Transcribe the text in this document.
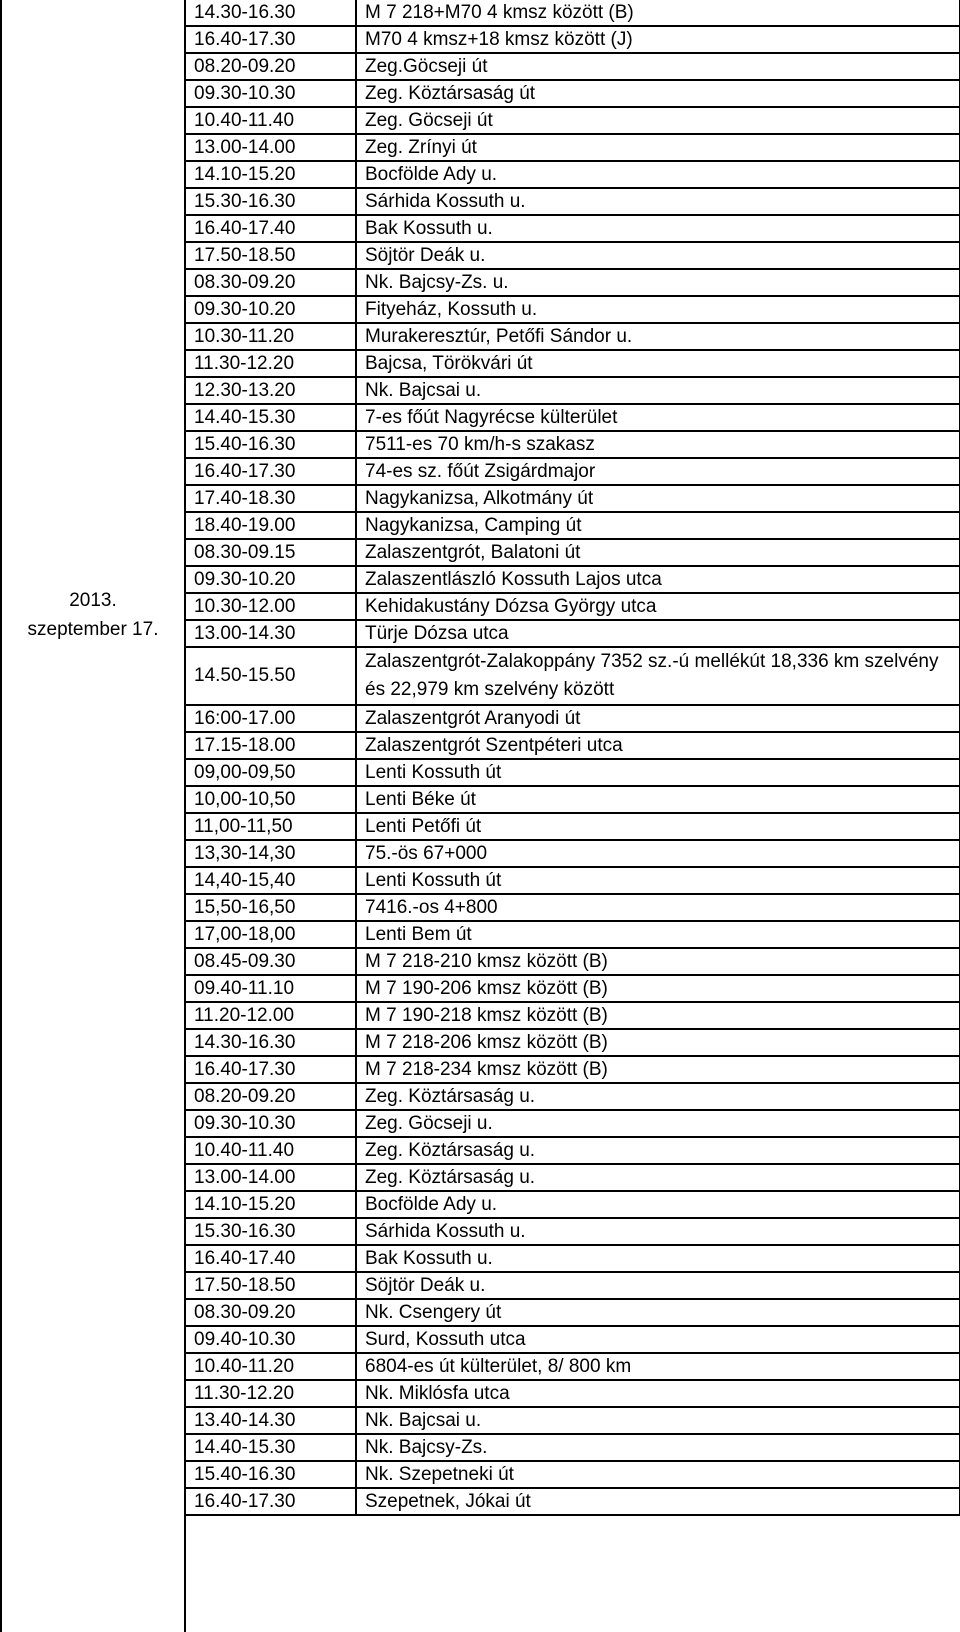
2013.
szeptember 17.
14.30-16.30	M 7 218+M70 4 kmsz között (B)
16.40-17.30	M70 4 kmsz+18 kmsz között (J)
08.20-09.20	Zeg.Göcseji út
09.30-10.30	Zeg. Köztársaság út
10.40-11.40	Zeg. Göcseji út
13.00-14.00	Zeg. Zrínyi út
14.10-15.20	Bocfölde Ady u.
15.30-16.30	Sárhida Kossuth u.
16.40-17.40	Bak Kossuth u.
17.50-18.50	Söjtör Deák u.
08.30-09.20	Nk. Bajcsy-Zs. u.
09.30-10.20	Fityeház, Kossuth u.
10.30-11.20	Murakeresztúr, Petőfi Sándor u.
11.30-12.20	Bajcsa, Törökvári út
12.30-13.20	Nk. Bajcsai u.
14.40-15.30	7-es főút Nagyrécse külterület
15.40-16.30	7511-es 70 km/h-s szakasz
16.40-17.30	74-es sz. főút Zsigárdmajor
17.40-18.30	Nagykanizsa, Alkotmány út
18.40-19.00	Nagykanizsa, Camping út
08.30-09.15	Zalaszentgrót, Balatoni út
09.30-10.20	Zalaszentlászló Kossuth Lajos utca
10.30-12.00	Kehidakustány Dózsa György utca
13.00-14.30	Türje Dózsa utca
14.50-15.50	Zalaszentgrót-Zalakoppány 7352 sz.-ú mellékút 18,336 km szelvény és 22,979 km szelvény között
16:00-17.00	Zalaszentgrót Aranyodi út
17.15-18.00	Zalaszentgrót Szentpéteri utca
09,00-09,50	Lenti Kossuth út
10,00-10,50	Lenti Béke út
11,00-11,50	Lenti Petőfi út
13,30-14,30	75.-ös 67+000
14,40-15,40	Lenti Kossuth út
15,50-16,50	7416.-os 4+800
17,00-18,00	Lenti Bem út
08.45-09.30	M 7 218-210 kmsz között (B)
09.40-11.10	M 7 190-206 kmsz között (B)
11.20-12.00	M 7 190-218 kmsz között (B)
14.30-16.30	M 7 218-206 kmsz között (B)
16.40-17.30	M 7 218-234 kmsz között (B)
08.20-09.20	Zeg. Köztársaság u.
09.30-10.30	Zeg. Göcseji u.
10.40-11.40	Zeg. Köztársaság u.
13.00-14.00	Zeg. Köztársaság u.
14.10-15.20	Bocfölde Ady u.
15.30-16.30	Sárhida Kossuth u.
16.40-17.40	Bak Kossuth u.
17.50-18.50	Söjtör Deák u.
08.30-09.20	Nk. Csengery út
09.40-10.30	Surd, Kossuth utca
10.40-11.20	6804-es út külterület, 8/ 800 km
11.30-12.20	Nk. Miklósfa utca
13.40-14.30	Nk. Bajcsai u.
14.40-15.30	Nk. Bajcsy-Zs.
15.40-16.30	Nk. Szepetneki út
16.40-17.30	Szepetnek, Jókai út
